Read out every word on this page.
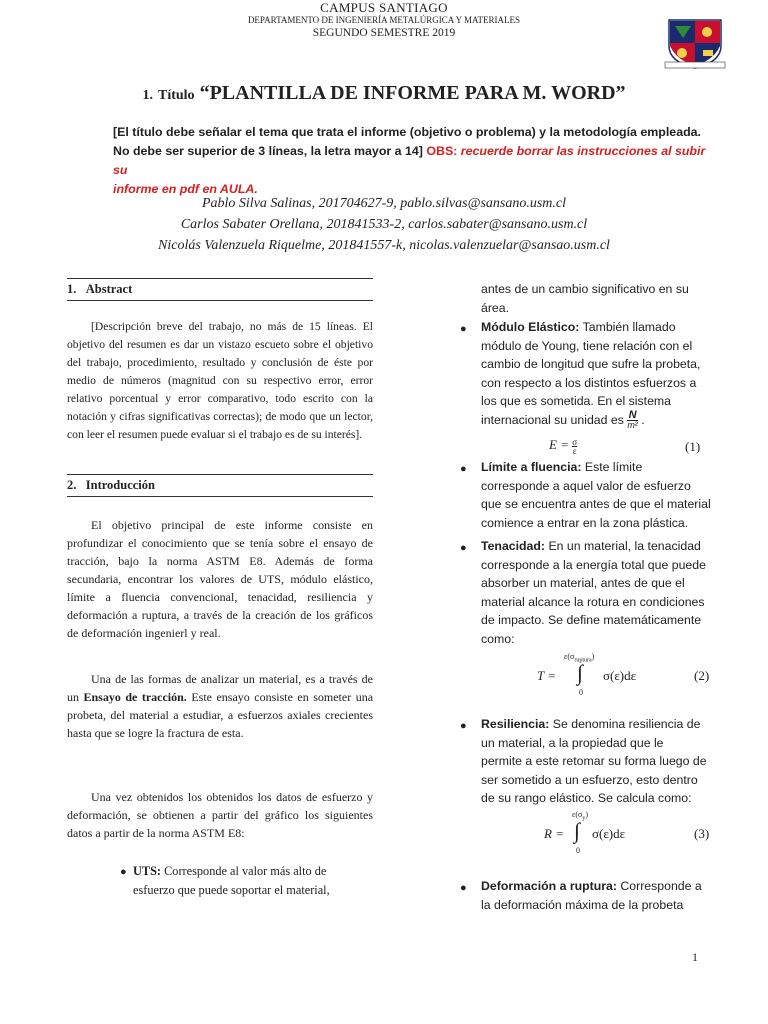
CAMPUS SANTIAGO
DEPARTAMENTO DE INGENIERÍA METALÚRGICA Y MATERIALES
SEGUNDO SEMESTRE 2019
1. Título “PLANTILLA DE INFORME PARA M. WORD”
[El título debe señalar el tema que trata el informe (objetivo o problema) y la metodología empleada.
No debe ser superior de 3 líneas, la letra mayor a 14] OBS: recuerde borrar las instrucciones al subir su
informe en pdf en AULA.
Pablo Silva Salinas, 201704627-9, pablo.silvas@sansano.usm.cl
Carlos Sabater Orellana, 201841533-2, carlos.sabater@sansano.usm.cl
Nicolás Valenzuela Riquelme, 201841557-k, nicolas.valenzuelar@sansao.usm.cl
1. Abstract
[Descripción breve del trabajo, no más de 15 líneas. El objetivo del resumen es dar un vistazo escueto sobre el objetivo del trabajo, procedimiento, resultado y conclusión de éste por medio de números (magnitud con su respectivo error, error relativo porcentual y error comparativo, todo escrito con la notación y cifras significativas correctas); de modo que un lector, con leer el resumen puede evaluar si el trabajo es de su interés].
2. Introducción
El objetivo principal de este informe consiste en profundizar el conocimiento que se tenía sobre el ensayo de tracción, bajo la norma ASTM E8. Además de forma secundaria, encontrar los valores de UTS, módulo elástico, límite a fluencia convencional, tenacidad, resiliencia y deformación a ruptura, a través de la creación de los gráficos de deformación ingenierl y real.
Una de las formas de analizar un material, es a través de un Ensayo de tracción. Este ensayo consiste en someter una probeta, del material a estudiar, a esfuerzos axiales crecientes hasta que se logre la fractura de esta.
Una vez obtenidos los obtenidos los datos de esfuerzo y deformación, se obtienen a partir del gráfico los siguientes datos a partir de la norma ASTM E8:
● UTS: Corresponde al valor más alto de
esfuerzo que puede soportar el material,
antes de un cambio significativo en su
área.
● Módulo Elástico: También llamado
módulo de Young, tiene relación con el
cambio de longitud que sufre la probeta,
con respecto a los distintos esfuerzos a
los que es sometida. En el sistema
internacional su unidad es N
m² .
$E = \frac{\sigma}{\varepsilon}$	(1)
● Límite a fluencia: Este límite
corresponde a aquel valor de esfuerzo
que se encuentra antes de que el material
comience a entrar en la zona plástica.
● Tenacidad: En un material, la tenacidad
corresponde a la energía total que puede
absorber un material, antes de que el
material alcance la rotura en condiciones
de impacto. Se define matemáticamente
como:
$\varepsilon(\sigma_{ruptura})$
T = ∫
0
σ(ε)dε	(2)
● Resiliencia: Se denomina resiliencia de
un material, a la propiedad que le
permite a este retomar su forma luego de
ser sometido a un esfuerzo, esto dentro
de su rango elástico. Se calcula como:
$\varepsilon(\sigma_y)$
R = ∫
0
σ(ε)dε	(3)
● Deformación a ruptura: Corresponde a
la deformación máxima de la probeta
1
